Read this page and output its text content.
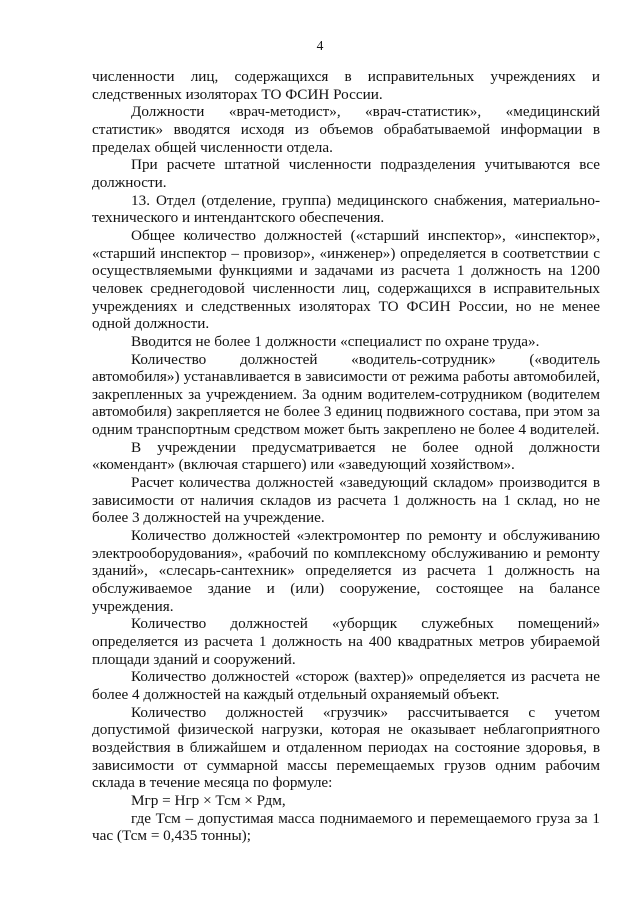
4

численности лиц, содержащихся в исправительных учреждениях и следственных изоляторах ТО ФСИН России.

Должности «врач-методист», «врач-статистик», «медицинский статистик» вводятся исходя из объемов обрабатываемой информации в пределах общей численности отдела.

При расчете штатной численности подразделения учитываются все должности.

13. Отдел (отделение, группа) медицинского снабжения, материально-технического и интендантского обеспечения.

Общее количество должностей («старший инспектор», «инспектор», «старший инспектор – провизор», «инженер») определяется в соответствии с осуществляемыми функциями и задачами из расчета 1 должность на 1200 человек среднегодовой численности лиц, содержащихся в исправительных учреждениях и следственных изоляторах ТО ФСИН России, но не менее одной должности.

Вводится не более 1 должности «специалист по охране труда».

Количество должностей «водитель-сотрудник» («водитель автомобиля») устанавливается в зависимости от режима работы автомобилей, закрепленных за учреждением. За одним водителем-сотрудником (водителем автомобиля) закрепляется не более 3 единиц подвижного состава, при этом за одним транспортным средством может быть закреплено не более 4 водителей.

В учреждении предусматривается не более одной должности «комендант» (включая старшего) или «заведующий хозяйством».

Расчет количества должностей «заведующий складом» производится в зависимости от наличия складов из расчета 1 должность на 1 склад, но не более 3 должностей на учреждение.

Количество должностей «электромонтер по ремонту и обслуживанию электрооборудования», «рабочий по комплексному обслуживанию и ремонту зданий», «слесарь-сантехник» определяется из расчета 1 должность на обслуживаемое здание и (или) сооружение, состоящее на балансе учреждения.

Количество должностей «уборщик служебных помещений» определяется из расчета 1 должность на 400 квадратных метров убираемой площади зданий и сооружений.

Количество должностей «сторож (вахтер)» определяется из расчета не более 4 должностей на каждый отдельный охраняемый объект.

Количество должностей «грузчик» рассчитывается с учетом допустимой физической нагрузки, которая не оказывает неблагоприятного воздействия в ближайшем и отдаленном периодах на состояние здоровья, в зависимости от суммарной массы перемещаемых грузов одним рабочим склада в течение месяца по формуле:

Мгр = Нгр × Тсм × Рдм,

где Тсм – допустимая масса поднимаемого и перемещаемого груза за 1 час (Тсм = 0,435 тонны);
